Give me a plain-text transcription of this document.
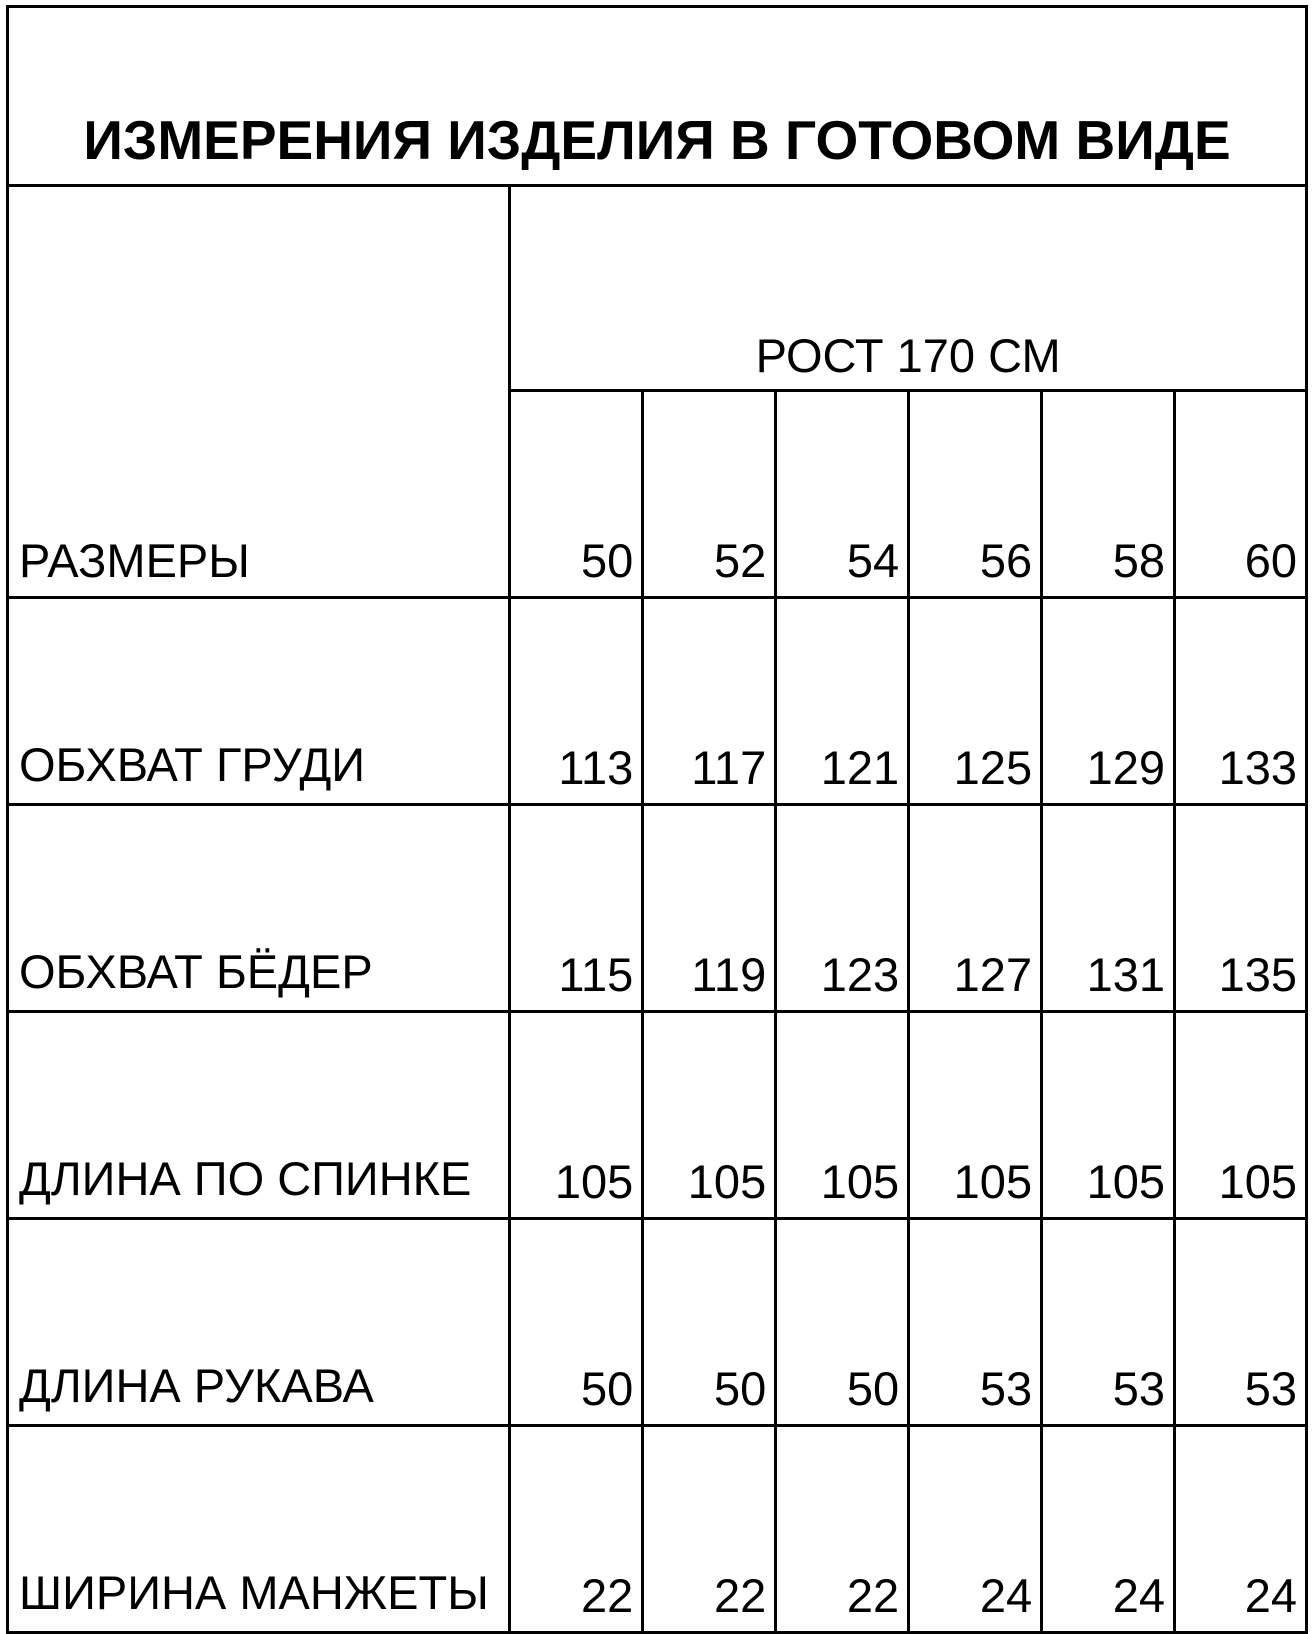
ИЗМЕРЕНИЯ ИЗДЕЛИЯ В ГОТОВОМ ВИДЕ						
РАЗМЕРЫ	РОСТ 170 СМ					
	50	52	54	56	58	60
ОБХВАТ ГРУДИ	113	117	121	125	129	133
ОБХВАТ БЁДЕР	115	119	123	127	131	135
ДЛИНА ПО СПИНКЕ	105	105	105	105	105	105
ДЛИНА РУКАВА	50	50	50	53	53	53
ШИРИНА МАНЖЕТЫ	22	22	22	24	24	24
